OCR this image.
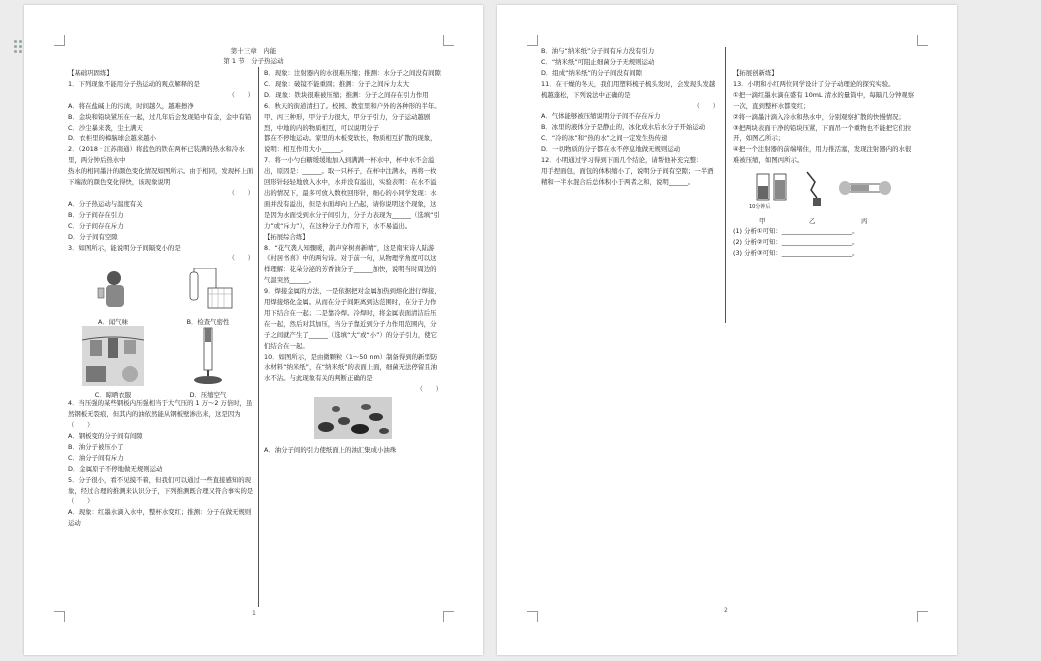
第十三章　内能
第 1 节　分子热运动

【基础巩固练】

1．下列现象不能用分子热运动的观点解释的是

（　　）

A．将在盐碱上的污渍，时间越久，越难擦净

B．金块和铅块紧压在一起，过几年后会发现铅中有金，金中有铅

C．沙尘暴来袭，尘土满天

D．衣柜里的樟脑球会越来越小

2．（2018 · 江苏南通）将蓝色的铁在两杯已装满的热水和冷水里，两分钟后热水中

热水的相同墨汁的颜色变化情况如图所示。由于相同，发现杯上面下端浓的颜色变化得快，该现象说明

（　　）

A．分子热运动与温度有关

B．分子间存在引力

C．分子间存在斥力

D．分子间有空隙

3．如图所示，能说明分子间隔变小的是

（　　）

A．闻气味	B．检查气密性
C．晾晒衣服	D．压缩空气

4．当压强的某些钢板内压强相当于大气压的 1 万～2 万倍时，虽然钢板无裂痕，但其内的油依然能从钢板壁渗出来，这是因为　　（　　）

A．钢板变的分子间有间隙

B．油分子被压小了

C．油分子间有斥力

D．金属原子不停地做无规则运动

5．分子很小，看不见摸不着，但我们可以通过一些直接感知的现象，经过合理的推测来认识分子，下列推测既合理又符合事实的是　　（　　）

A．现象：红墨水滴入水中，整杯水变红；推测：分子在做无规则运动

B．现象：注射器内的水很难压缩；推测：水分子之间没有间隙

C．现象：破镜不能重圆；推测：分子之间斥力太大

D．现象：铁块很难被压缩；推测：分子之间存在引力作用

6．秋天的街道清扫了。校园、教室里和户外的各种形的半年。甲、丙三种形，甲分子力很大，甲分子引力，分子运动越剧烈，中地的内的物质相互，可以说明分子

都在不停地运动。家里的木板变软长，物质相互扩散的现象，说明：相互作用大小______。

7．将一小勺白糖缓缓地加入到满满一杯水中，杯中水不会溢出，原因是：______。取一只杯子，在杯中注满水，再将一枚回形针轻轻地放入水中，水并没有溢出，实验表明：在水不溢出的情况下，最多可放入数枚回形针，细心的小同学发现：水面并没有溢出，但是水面却向上凸起，请你说明这个现象，这是因为水面受到水分子间引力，分子力表现为______（选填“引力”或“斥力”），在这种分子力作用下，水不易溢出。

【拓展综合练】

8．“花气袭人知骤暖，鹊声穿树喜新晴”，这是南宋诗人陆游《村居书喜》中的两句诗。对于前一句，从物理学角度可以这样理解：花朵分泌的芳香油分子______加快，说明当时周边的气温突然______。

9．焊接金属的方法，一是依据把对金属加热到熔化进行焊接，用焊接熔化金属。从而在分子间距离到达范围时，在分子力作用下结合在一起；二是靠冷焊。冷焊时，将金属表面清洁后压在一起，然后对其加压，当分子靠近到分子力作用范围内，分子之间就产生了______（选填“大”或“小”）的分子引力，使它们结合在一起。

10．如图所示，是由微颗粒（1～50 nm）制备得到的新型防水材料“纳米纸”，在“纳米纸”的表面上面，细菌无法停留且油水不沾。与此现象有关的判断正确的是

（　　）

A．油分子间的引力使纸面上的油汇集成小油珠

1

B．油与“纳米纸”分子间有斥力没有引力

C．“纳米纸”可阻止细菌分子无规则运动

D．组成“纳米纸”的分子间没有间隙

11．在干燥的冬天，我们用塑料梳子梳头发时，会发现头发越梳越蓬松，下列说法中正确的是

（　　）

A．气体能够被压缩说明分子间不存在斥力

B．冰里的液体分子是静止的，冰化成水后水分子开始运动

C．“冷的冰”和“热的水”之间一定发生热传递

D．一切物质的分子都在永不停息地做无规则运动

12．小明通过学习得到下面几个结论，请帮他补充完整：

用手捏面包，面包的体积缩小了，说明分子间有空隙；一半酒精和一半水混合后总体积小于两者之和，说明______。

【拓展创新练】

13．小明和小红两位同学设计了分子动理论的探究实验。

①把一滴红墨水滴在盛有 10mL 清水的量筒中，每隔几分钟观察一次，直到整杯水都变红；

②将一滴墨汁滴入冷水和热水中，分别观察扩散的快慢情况；

③把两块表面干净的铅块压紧，下面吊一个重物也不能把它们拉开，如图乙所示；

④把一个注射器的前端堵住，用力推活塞，发现注射器内的水很难被压缩，如图丙所示。

10分钟后
甲	乙	丙

(1) 分析①可知：______________________。

(2) 分析②可知：______________________。

(3) 分析③可知：______________________。

2
